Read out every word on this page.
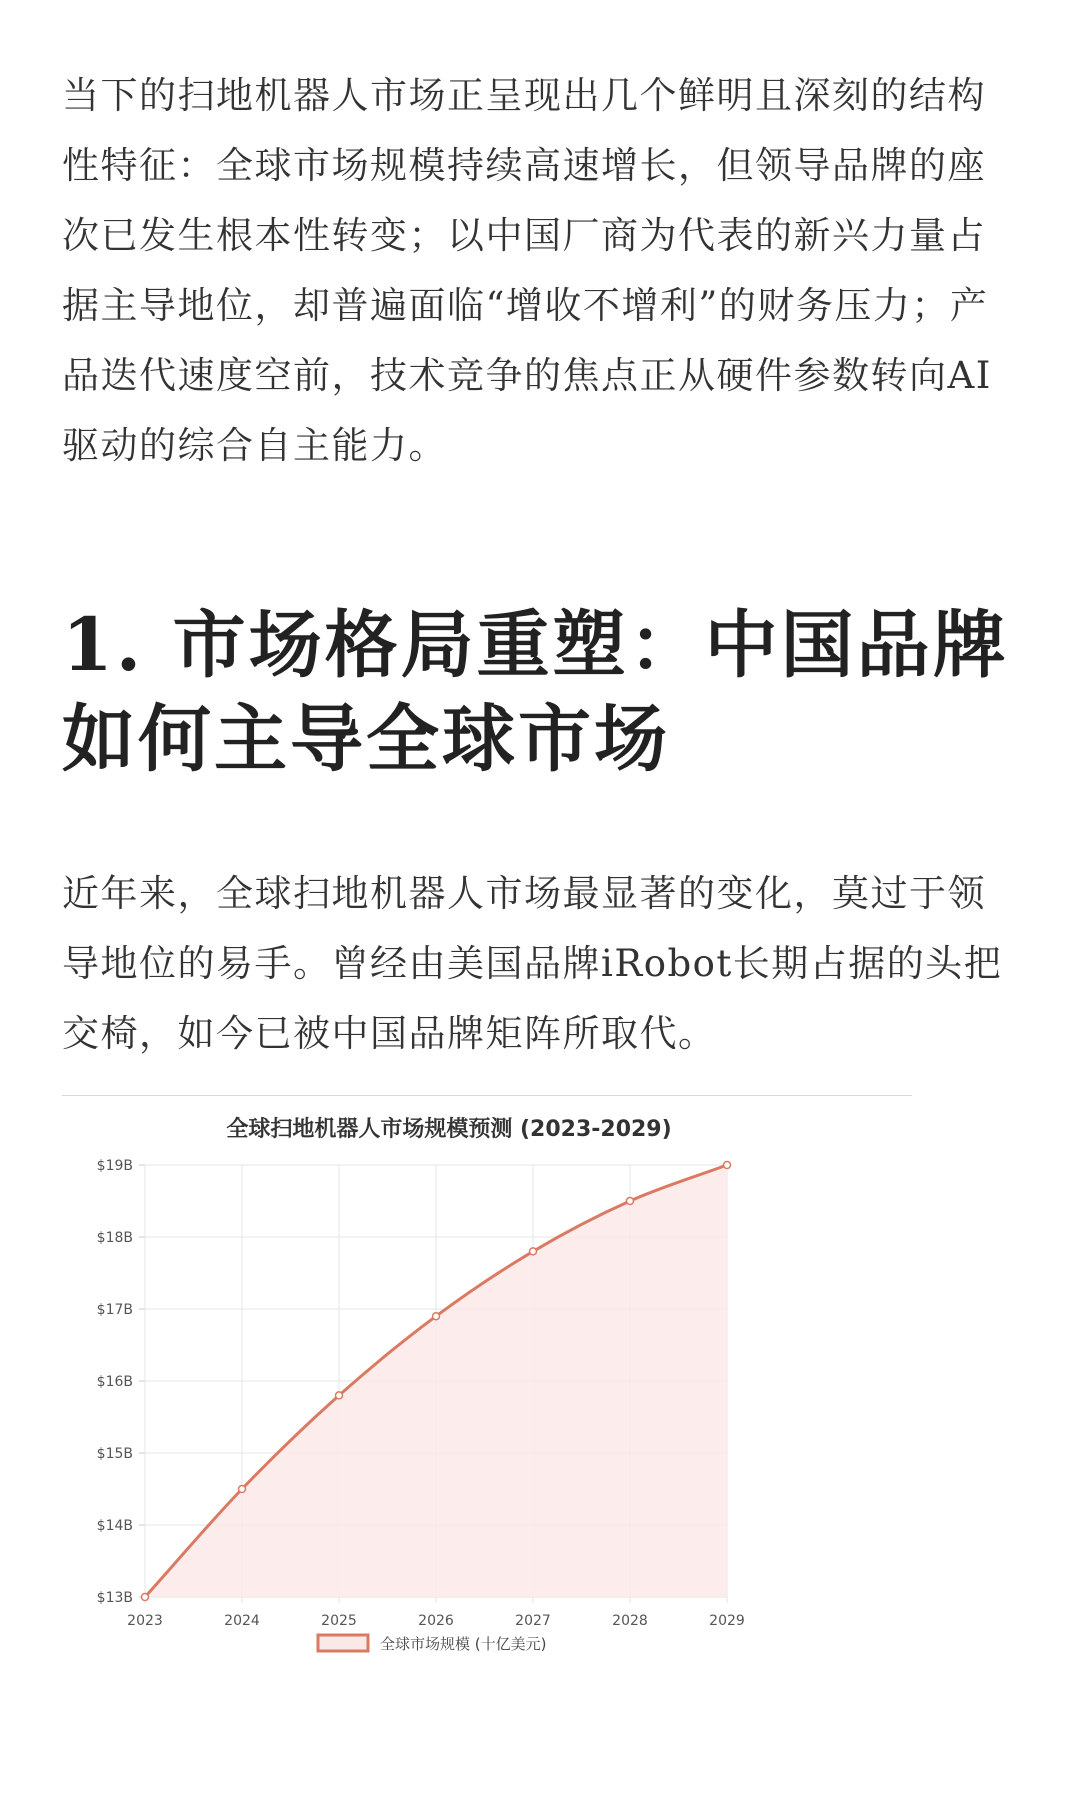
当下的扫地机器人市场正呈现出几个鲜明且深刻的结构性特征：全球市场规模持续高速增长，但领导品牌的座次已发生根本性转变；以中国厂商为代表的新兴力量占据主导地位，却普遍面临“增收不增利”的财务压力；产品迭代速度空前，技术竞争的焦点正从硬件参数转向AI驱动的综合自主能力。

1. 市场格局重塑：中国品牌如何主导全球市场

近年来，全球扫地机器人市场最显著的变化，莫过于领导地位的易手。曾经由美国品牌iRobot长期占据的头把交椅，如今已被中国品牌矩阵所取代。

全球扫地机器人市场规模预测 (2023-2029)
$13B
$14B
$15B
$16B
$17B
$18B
$19B
2023	2024	2025	2026	2027	2028	2029
全球市场规模 (十亿美元)
